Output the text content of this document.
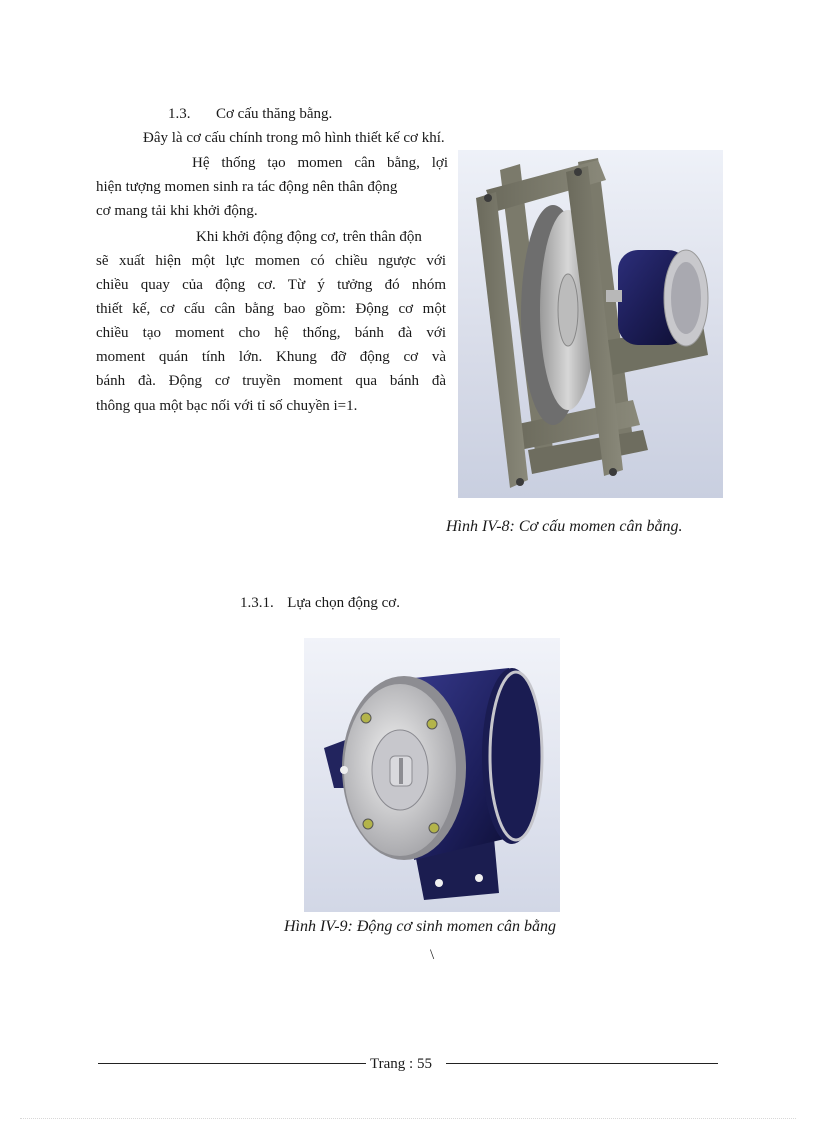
1.3. Cơ cấu thăng bằng.
Đây là cơ cấu chính trong mô hình thiết kế cơ khí.
Hệ thống tạo momen cân bằng, lợi
hiện tượng momen sinh ra tác động nên thân động
cơ mang tải khi khởi động.
Khi khởi động động cơ, trên thân độn
sẽ xuất hiện một lực momen có chiều ngược với
chiều quay của động cơ. Từ ý tưởng đó nhóm
thiết kế, cơ cấu cân bằng bao gồm: Động cơ một
chiều tạo moment cho hệ thống, bánh đà với
moment quán tính lớn. Khung đỡ động cơ và
bánh đà. Động cơ truyền moment qua bánh đà
thông qua một bạc nối với tỉ số chuyền i=1.
Hình IV-8: Cơ cấu momen cân bằng.
1.3.1. Lựa chọn động cơ.
Hình IV-9: Động cơ sinh momen cân bằng
\
Trang : 55
